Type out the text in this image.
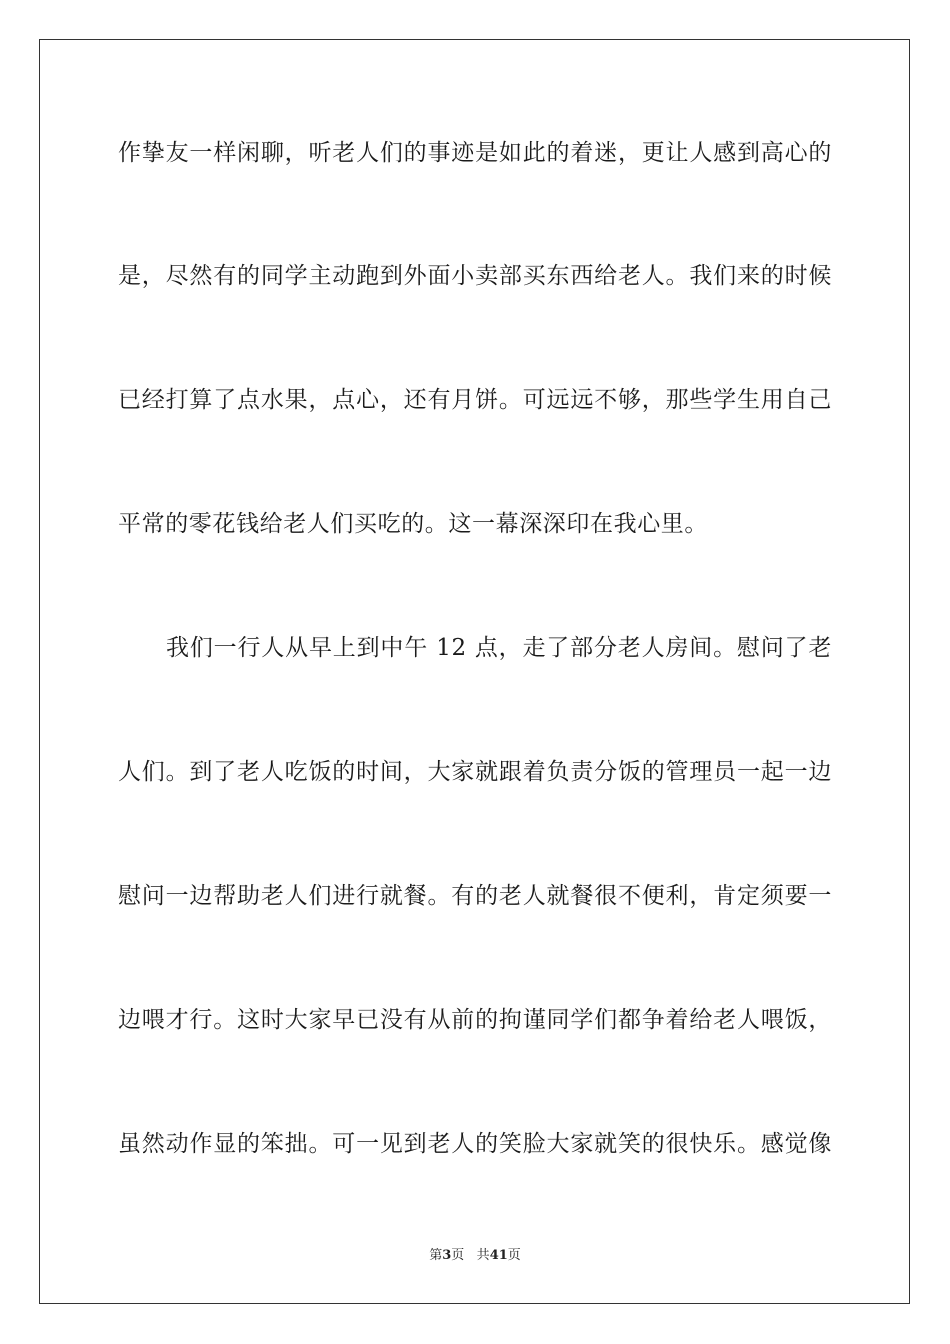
作挚友一样闲聊，听老人们的事迹是如此的着迷，更让人感到高心的
是，尽然有的同学主动跑到外面小卖部买东西给老人。我们来的时候
已经打算了点水果，点心，还有月饼。可远远不够，那些学生用自己
平常的零花钱给老人们买吃的。这一幕深深印在我心里。
我们一行人从早上到中午 12 点，走了部分老人房间。慰问了老
人们。到了老人吃饭的时间，大家就跟着负责分饭的管理员一起一边
慰问一边帮助老人们进行就餐。有的老人就餐很不便利，肯定须要一
边喂才行。这时大家早已没有从前的拘谨同学们都争着给老人喂饭，
虽然动作显的笨拙。可一见到老人的笑脸大家就笑的很快乐。感觉像
第3页 共41页
